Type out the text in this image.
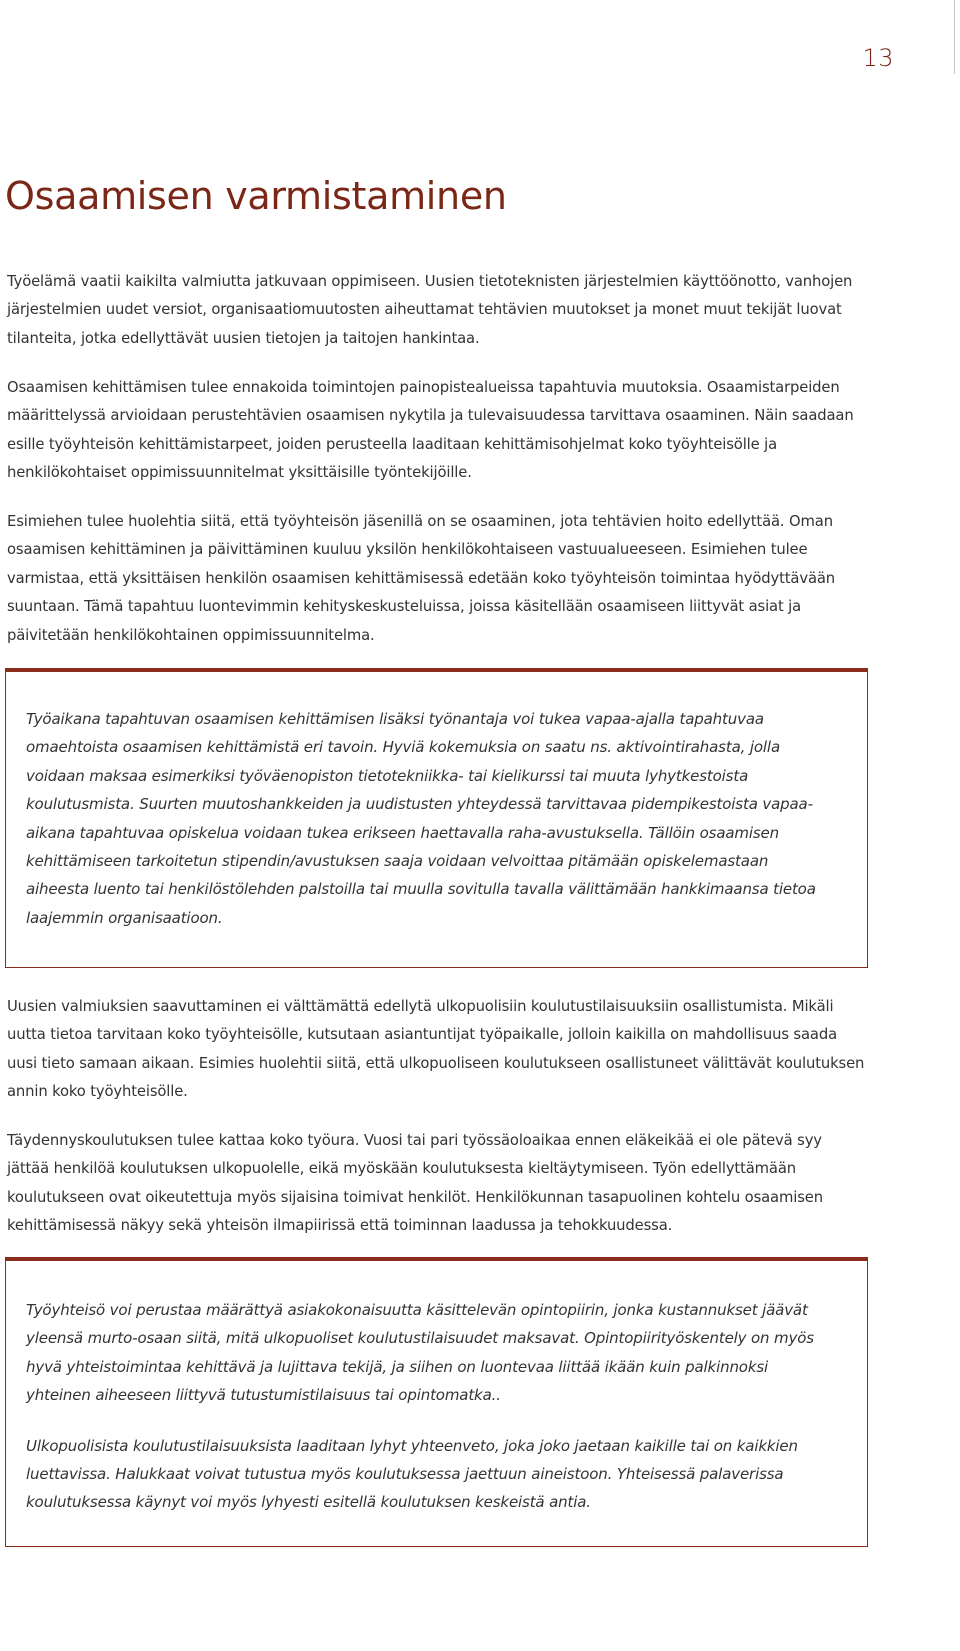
13
Osaamisen varmistaminen

Työelämä vaatii kaikilta valmiutta jatkuvaan oppimiseen. Uusien tietoteknisten järjestelmien käyttöönotto, vanhojen järjestelmien uudet versiot, organisaatiomuutosten aiheuttamat tehtävien muutokset ja monet muut tekijät luovat tilanteita, jotka edellyttävät uusien tietojen ja taitojen hankintaa.

Osaamisen kehittämisen tulee ennakoida toimintojen painopistealueissa tapahtuvia muutoksia. Osaamistarpeiden määrittelyssä arvioidaan perustehtävien osaamisen nykytila ja tulevaisuudessa tarvittava osaaminen. Näin saadaan esille työyhteisön kehittämistarpeet, joiden perusteella laaditaan kehittämisohjelmat koko työyhteisölle ja henkilökohtaiset oppimissuunnitelmat yksittäisille työntekijöille.

Esimiehen tulee huolehtia siitä, että työyhteisön jäsenillä on se osaaminen, jota tehtävien hoito edellyttää. Oman osaamisen kehittäminen ja päivittäminen kuuluu yksilön henkilökohtaiseen vastuualueeseen. Esimiehen tulee varmistaa, että yksittäisen henkilön osaamisen kehittämisessä edetään koko työyhteisön toimintaa hyödyttävään suuntaan. Tämä tapahtuu luontevimmin kehityskeskusteluissa, joissa käsitellään osaamiseen liittyvät asiat ja päivitetään henkilökohtainen oppimissuunnitelma.

Työaikana tapahtuvan osaamisen kehittämisen lisäksi työnantaja voi tukea vapaa-ajalla tapahtuvaa omaehtoista osaamisen kehittämistä eri tavoin. Hyviä kokemuksia on saatu ns. aktivointirahasta, jolla voidaan maksaa esimerkiksi työväenopiston tietotekniikka- tai kielikurssi tai muuta lyhytkestoista koulutusmista. Suurten muutoshankkeiden ja uudistusten yhteydessä tarvittavaa pidempikestoista vapaa-aikana tapahtuvaa opiskelua voidaan tukea erikseen haettavalla raha-avustuksella. Tällöin osaamisen kehittämiseen tarkoitetun stipendin/avustuksen saaja voidaan velvoittaa pitämään opiskelemastaan aiheesta luento tai henkilöstölehden palstoilla tai muulla sovitulla tavalla välittämään hankkimaansa tietoa laajemmin organisaatioon.

Uusien valmiuksien saavuttaminen ei välttämättä edellytä ulkopuolisiin koulutustilaisuuksiin osallistumista. Mikäli uutta tietoa tarvitaan koko työyhteisölle, kutsutaan asiantuntijat työpaikalle, jolloin kaikilla on mahdollisuus saada uusi tieto samaan aikaan. Esimies huolehtii siitä, että ulkopuoliseen koulutukseen osallistuneet välittävät koulutuksen annin koko työyhteisölle.

Täydennyskoulutuksen tulee kattaa koko työura. Vuosi tai pari työssäoloaikaa ennen eläkeikää ei ole pätevä syy jättää henkilöä koulutuksen ulkopuolelle, eikä myöskään koulutuksesta kieltäytymiseen. Työn edellyttämään koulutukseen ovat oikeutettuja myös sijaisina toimivat henkilöt. Henkilökunnan tasapuolinen kohtelu osaamisen kehittämisessä näkyy sekä yhteisön ilmapiirissä että toiminnan laadussa ja tehokkuudessa.

Työyhteisö voi perustaa määrättyä asiakokonaisuutta käsittelevän opintopiirin, jonka kustannukset jäävät yleensä murto-osaan siitä, mitä ulkopuoliset koulutustilaisuudet maksavat. Opintopiirityöskentely on myös hyvä yhteistoimintaa kehittävä ja lujittava tekijä, ja siihen on luontevaa liittää ikään kuin palkinnoksi yhteinen aiheeseen liittyvä tutustumistilaisuus tai opintomatka..

Ulkopuolisista koulutustilaisuuksista laaditaan lyhyt yhteenveto, joka joko jaetaan kaikille tai on kaikkien luettavissa. Halukkaat voivat tutustua myös koulutuksessa jaettuun aineistoon. Yhteisessä palaverissa koulutuksessa käynyt voi myös lyhyesti esitellä koulutuksen keskeistä antia.
